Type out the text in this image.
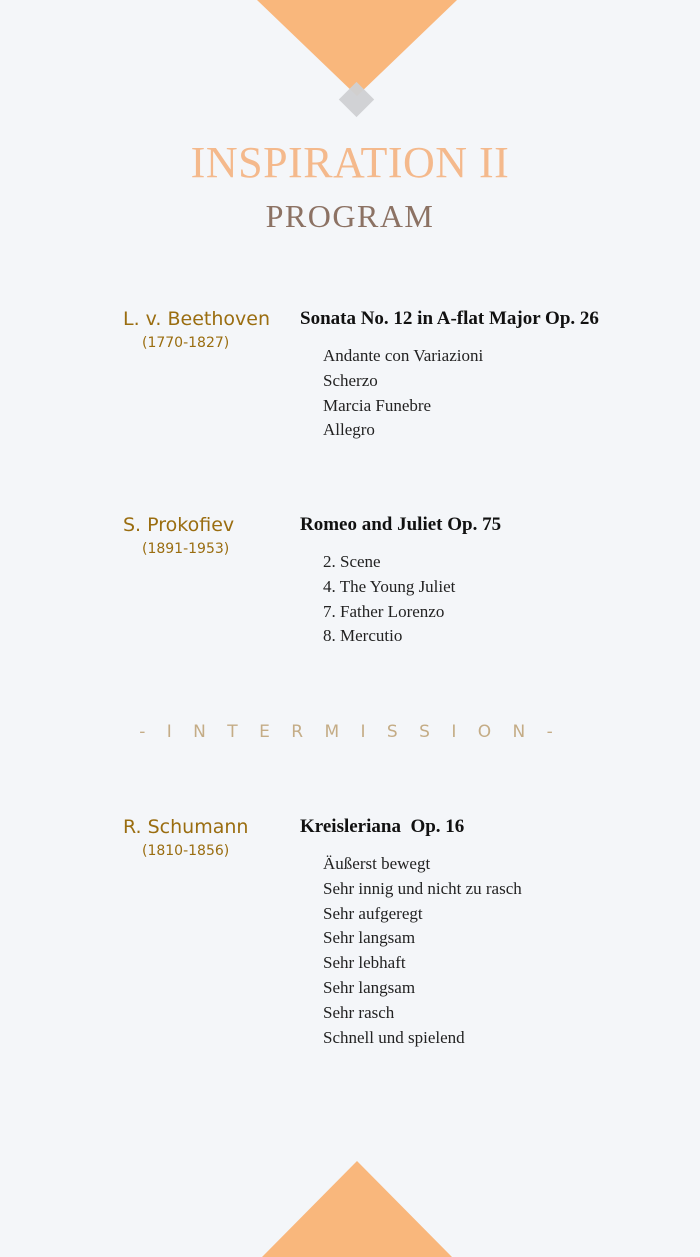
INSPIRATION II
PROGRAM
L. v. Beethoven
(1770-1827)
Sonata No. 12 in A-flat Major Op. 26
Andante con Variazioni
Scherzo
Marcia Funebre
Allegro
S. Prokofiev
(1891-1953)
Romeo and Juliet Op. 75
2. Scene
4. The Young Juliet
7. Father Lorenzo
8. Mercutio
- I N T E R M I S S I O N -
R. Schumann
(1810-1856)
Kreisleriana  Op. 16
Äußerst bewegt
Sehr innig und nicht zu rasch
Sehr aufgeregt
Sehr langsam
Sehr lebhaft
Sehr langsam
Sehr rasch
Schnell und spielend
